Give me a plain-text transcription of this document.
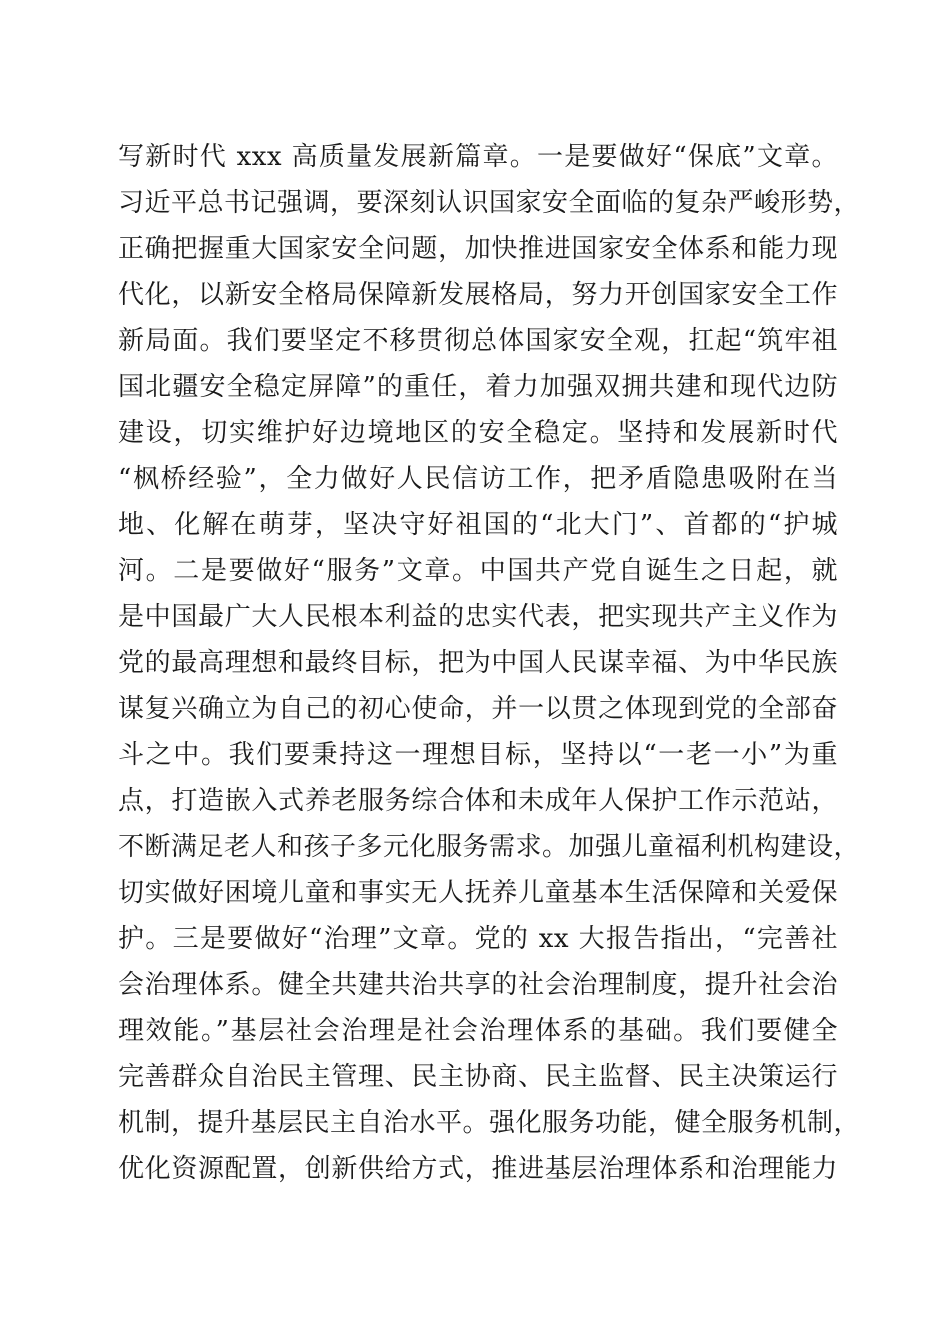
写新时代 xxx 高质量发展新篇章。一是要做好“保底”文章。
习近平总书记强调，要深刻认识国家安全面临的复杂严峻形势，
正确把握重大国家安全问题，加快推进国家安全体系和能力现
代化，以新安全格局保障新发展格局，努力开创国家安全工作
新局面。我们要坚定不移贯彻总体国家安全观，扛起“筑牢祖
国北疆安全稳定屏障”的重任，着力加强双拥共建和现代边防
建设，切实维护好边境地区的安全稳定。坚持和发展新时代
“枫桥经验”，全力做好人民信访工作，把矛盾隐患吸附在当
地、化解在萌芽，坚决守好祖国的“北大门”、首都的“护城
河。二是要做好“服务”文章。中国共产党自诞生之日起，就
是中国最广大人民根本利益的忠实代表，把实现共产主义作为
党的最高理想和最终目标，把为中国人民谋幸福、为中华民族
谋复兴确立为自己的初心使命，并一以贯之体现到党的全部奋
斗之中。我们要秉持这一理想目标，坚持以“一老一小”为重
点，打造嵌入式养老服务综合体和未成年人保护工作示范站，
不断满足老人和孩子多元化服务需求。加强儿童福利机构建设，
切实做好困境儿童和事实无人抚养儿童基本生活保障和关爱保
护。三是要做好“治理”文章。党的 xx 大报告指出，“完善社
会治理体系。健全共建共治共享的社会治理制度，提升社会治
理效能。”基层社会治理是社会治理体系的基础。我们要健全
完善群众自治民主管理、民主协商、民主监督、民主决策运行
机制，提升基层民主自治水平。强化服务功能，健全服务机制，
优化资源配置，创新供给方式，推进基层治理体系和治理能力
